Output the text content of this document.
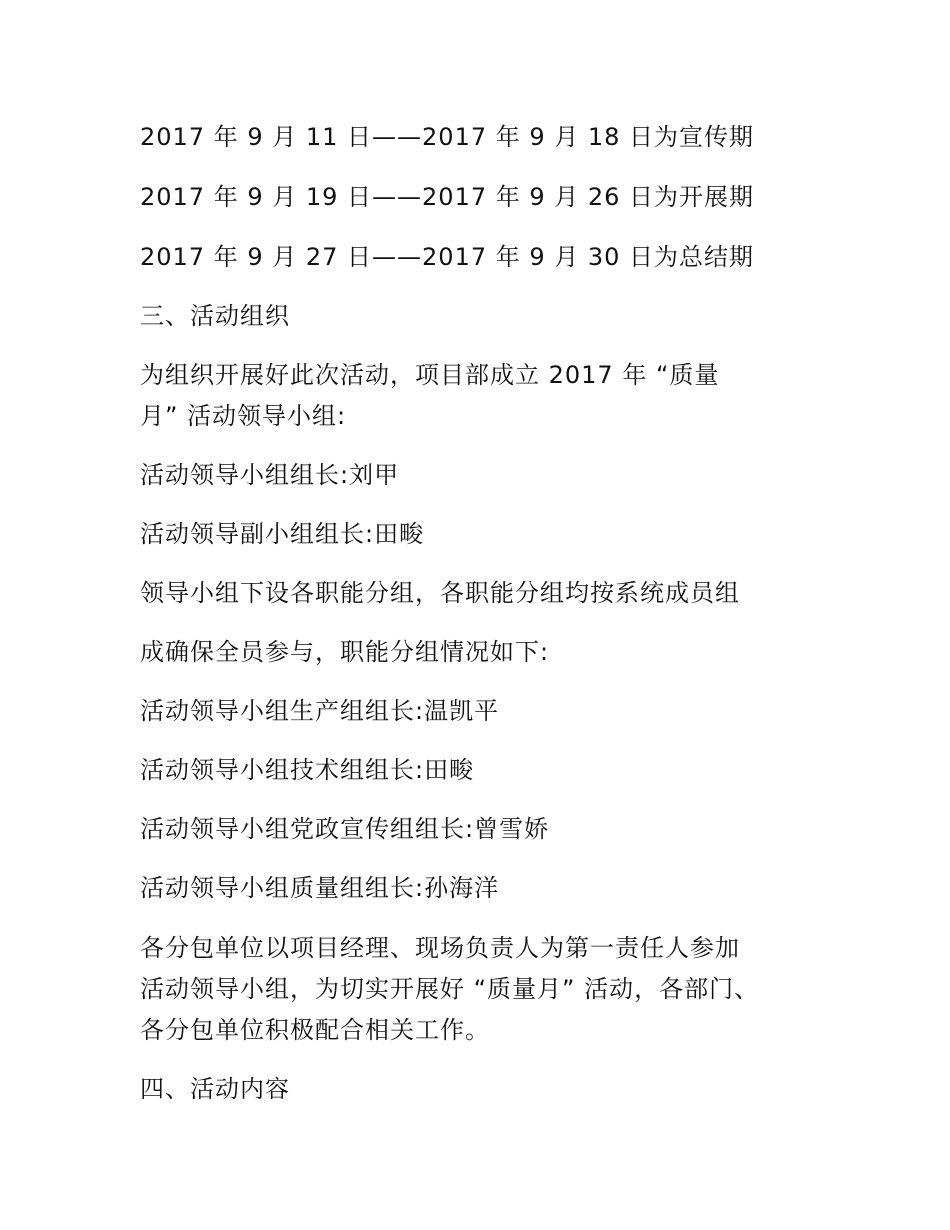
2017 年 9 月 11 日——2017 年 9 月 18 日为宣传期

2017 年 9 月 19 日——2017 年 9 月 26 日为开展期

2017 年 9 月 27 日——2017 年 9 月 30 日为总结期

三、活动组织

为组织开展好此次活动，项目部成立 2017 年 “质量

月” 活动领导小组:

活动领导小组组长:刘甲

活动领导副小组组长:田畯

领导小组下设各职能分组，各职能分组均按系统成员组

成确保全员参与，职能分组情况如下:

活动领导小组生产组组长:温凯平

活动领导小组技术组组长:田畯

活动领导小组党政宣传组组长:曾雪娇

活动领导小组质量组组长:孙海洋

各分包单位以项目经理、现场负责人为第一责任人参加

活动领导小组，为切实开展好 “质量月” 活动，各部门、

各分包单位积极配合相关工作。

四、活动内容
